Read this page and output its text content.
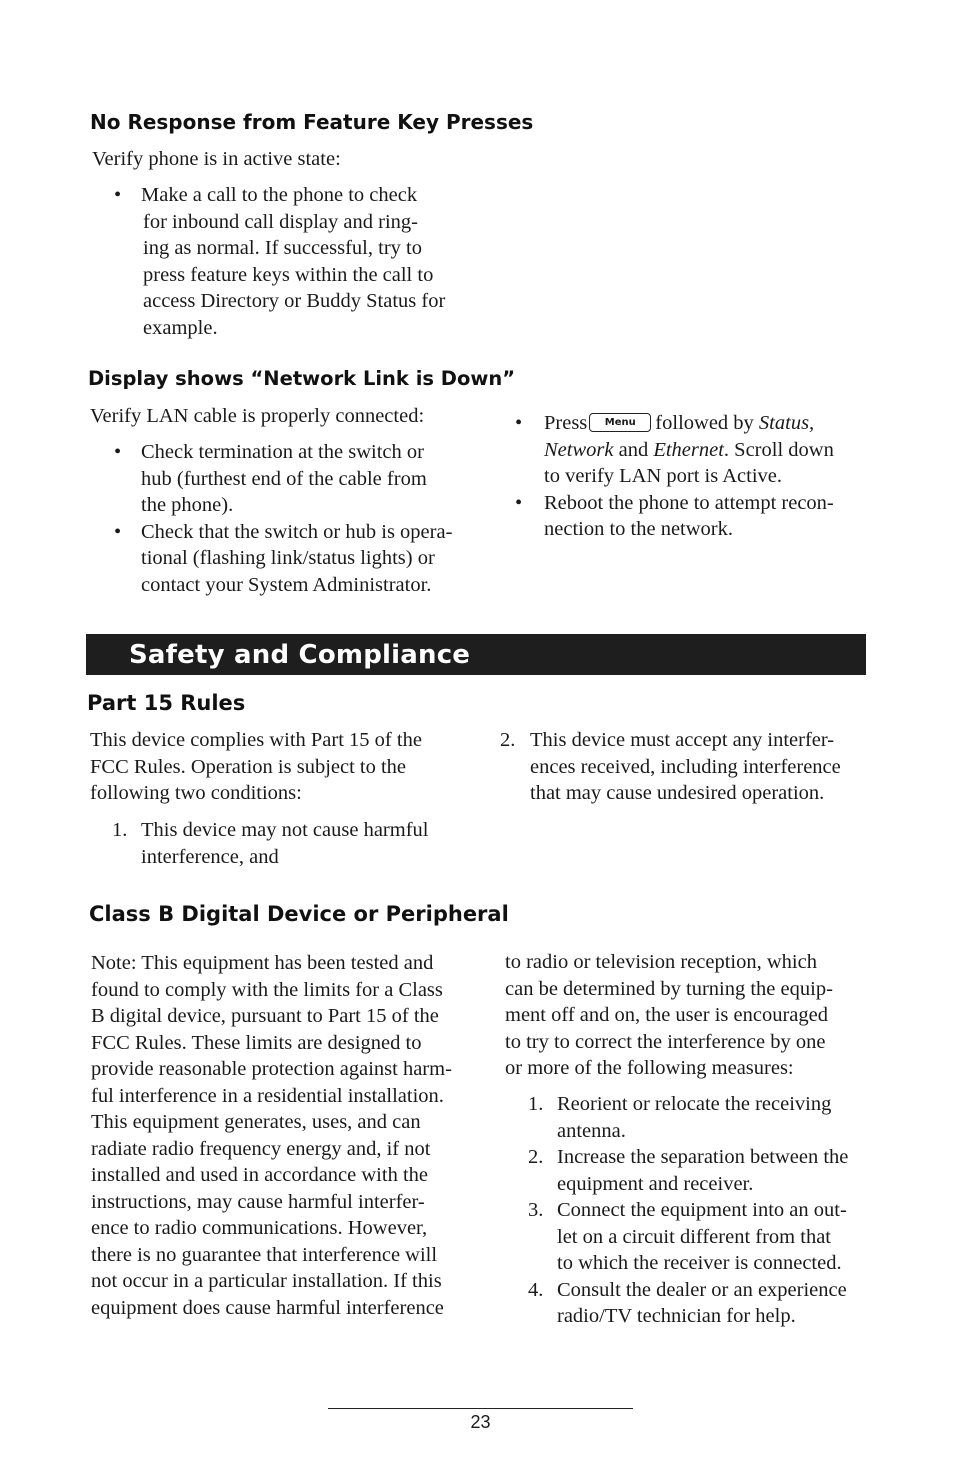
No Response from Feature Key Presses

Verify phone is in active state:

• Make a call to the phone to check
for inbound call display and ring-
ing as normal. If successful, try to
press feature keys within the call to
access Directory or Buddy Status for
example.
Display shows “Network Link is Down”

Verify LAN cable is properly connected:

• Check termination at the switch or
hub (furthest end of the cable from
the phone).
• Check that the switch or hub is opera-
tional (flashing link/status lights) or
contact your System Administrator.
• Press Menu followed by Status,
Network and Ethernet. Scroll down
to verify LAN port is Active.
• Reboot the phone to attempt recon-
nection to the network.
Safety and Compliance
Part 15 Rules

This device complies with Part 15 of the
FCC Rules. Operation is subject to the
following two conditions:

1. This device may not cause harmful
interference, and
2. This device must accept any interfer-
ences received, including interference
that may cause undesired operation.
Class B Digital Device or Peripheral

Note: This equipment has been tested and
found to comply with the limits for a Class
B digital device, pursuant to Part 15 of the
FCC Rules. These limits are designed to
provide reasonable protection against harm-
ful interference in a residential installation.
This equipment generates, uses, and can
radiate radio frequency energy and, if not
installed and used in accordance with the
instructions, may cause harmful interfer-
ence to radio communications. However,
there is no guarantee that interference will
not occur in a particular installation. If this
equipment does cause harmful interference

to radio or television reception, which
can be determined by turning the equip-
ment off and on, the user is encouraged
to try to correct the interference by one
or more of the following measures:

1. Reorient or relocate the receiving
antenna.
2. Increase the separation between the
equipment and receiver.
3. Connect the equipment into an out-
let on a circuit different from that
to which the receiver is connected.
4. Consult the dealer or an experience
radio/TV technician for help.
23
